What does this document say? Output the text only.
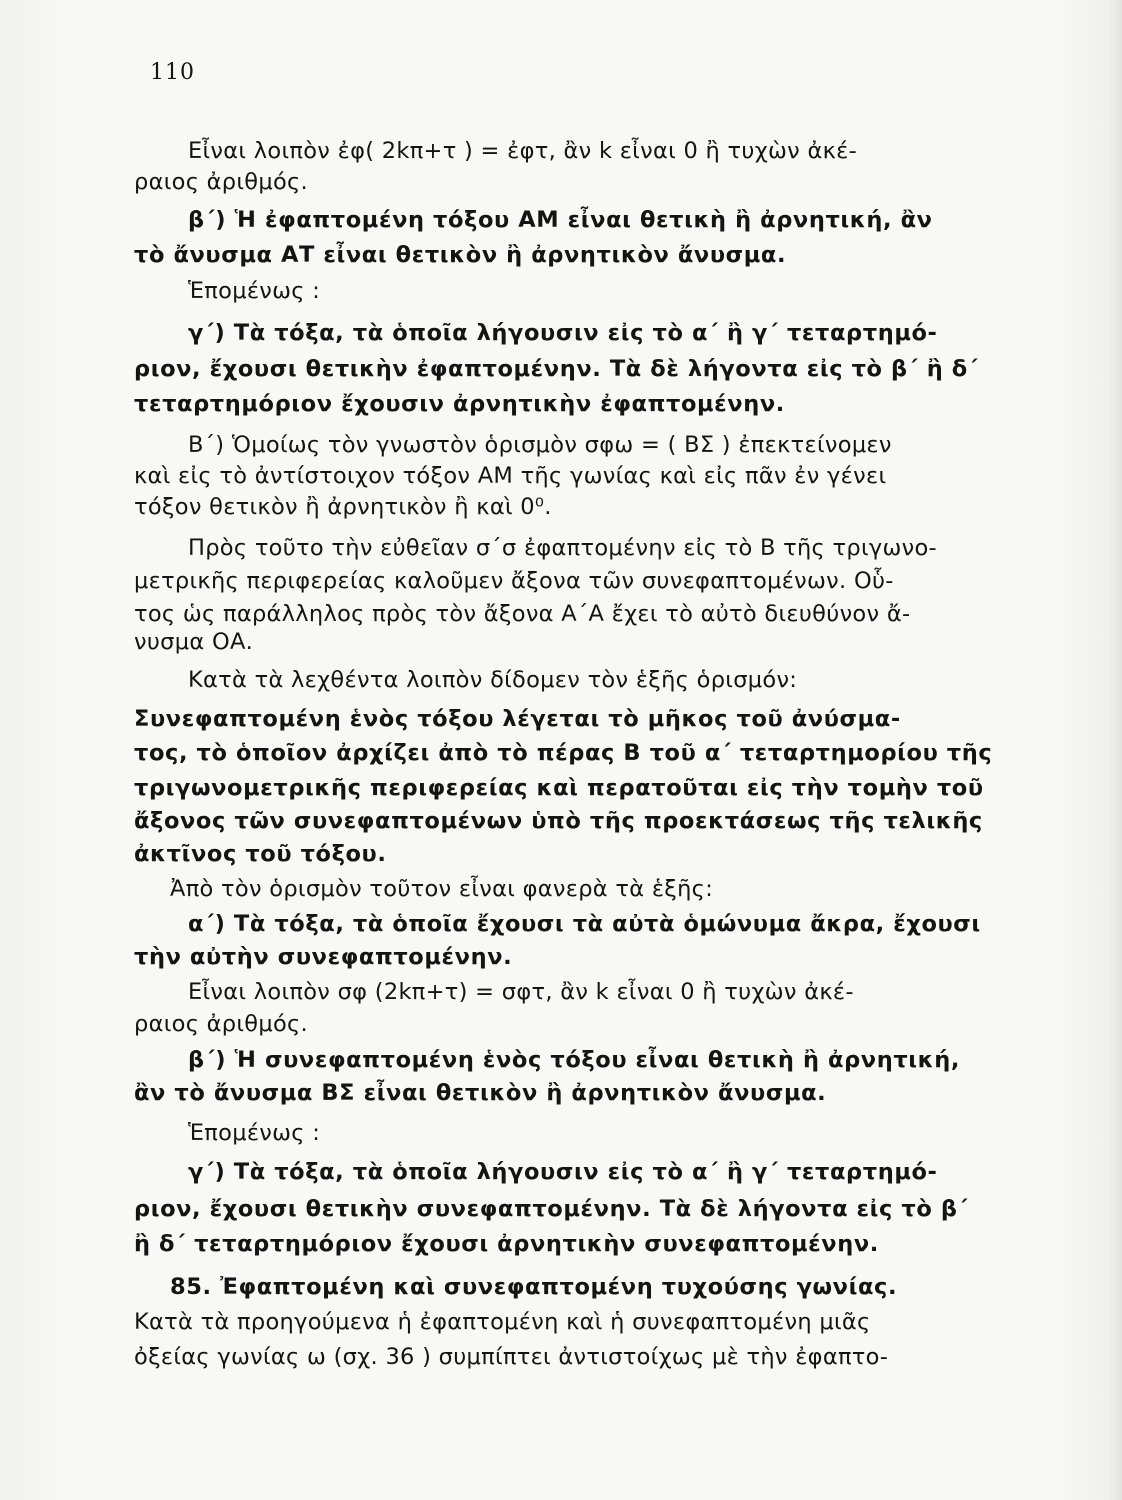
110
Εἶναι λοιπὸν ἐφ( 2kπ+τ ) = ἐφτ, ἂν k εἶναι 0 ἢ τυχὼν ἀκέ-
ραιος ἀριθμός.
β΄) Ἡ ἐφαπτομένη τόξου ΑΜ εἶναι θετικὴ ἢ ἀρνητική, ἂν
τὸ ἄνυσμα ΑΤ εἶναι θετικὸν ἢ ἀρνητικὸν ἄνυσμα.
Ἑπομένως :
γ΄) Τὰ τόξα, τὰ ὁποῖα λήγουσιν εἰς τὸ α΄ ἢ γ΄ τεταρτημό-
ριον, ἔχουσι θετικὴν ἐφαπτομένην. Τὰ δὲ λήγοντα εἰς τὸ β΄ ἢ δ΄
τεταρτημόριον ἔχουσιν ἀρνητικὴν ἐφαπτομένην.
Β΄) Ὁμοίως τὸν γνωστὸν ὁρισμὸν σφω = ( ΒΣ ) ἐπεκτείνομεν
καὶ εἰς τὸ ἀντίστοιχον τόξον ΑΜ τῆς γωνίας καὶ εἰς πᾶν ἐν γένει
τόξον θετικὸν ἢ ἀρνητικὸν ἢ καὶ 0⁰.
Πρὸς τοῦτο τὴν εὐθεῖαν σ΄σ ἐφαπτομένην εἰς τὸ Β τῆς τριγωνο-
μετρικῆς περιφερείας καλοῦμεν ἄξονα τῶν συνεφαπτομένων. Οὗ-
τος ὡς παράλληλος πρὸς τὸν ἄξονα Α΄Α ἔχει τὸ αὐτὸ διευθύνον ἄ-
νυσμα ΟΑ.
Κατὰ τὰ λεχθέντα λοιπὸν δίδομεν τὸν ἑξῆς ὁρισμόν:
Συνεφαπτομένη ἑνὸς τόξου λέγεται τὸ μῆκος τοῦ ἀνύσμα-
τος, τὸ ὁποῖον ἀρχίζει ἀπὸ τὸ πέρας Β τοῦ α΄ τεταρτημορίου τῆς
τριγωνομετρικῆς περιφερείας καὶ περατοῦται εἰς τὴν τομὴν τοῦ
ἄξονος τῶν συνεφαπτομένων ὑπὸ τῆς προεκτάσεως τῆς τελικῆς
ἀκτῖνος τοῦ τόξου.
Ἀπὸ τὸν ὁρισμὸν τοῦτον εἶναι φανερὰ τὰ ἑξῆς:
α΄) Τὰ τόξα, τὰ ὁποῖα ἔχουσι τὰ αὐτὰ ὁμώνυμα ἄκρα, ἔχουσι
τὴν αὐτὴν συνεφαπτομένην.
Εἶναι λοιπὸν σφ (2kπ+τ) = σφτ, ἂν k εἶναι 0 ἢ τυχὼν ἀκέ-
ραιος ἀριθμός.
β΄) Ἡ συνεφαπτομένη ἑνὸς τόξου εἶναι θετικὴ ἢ ἀρνητική,
ἂν τὸ ἄνυσμα ΒΣ εἶναι θετικὸν ἢ ἀρνητικὸν ἄνυσμα.
Ἑπομένως :
γ΄) Τὰ τόξα, τὰ ὁποῖα λήγουσιν εἰς τὸ α΄ ἢ γ΄ τεταρτημό-
ριον, ἔχουσι θετικὴν συνεφαπτομένην. Τὰ δὲ λήγοντα εἰς τὸ β΄
ἢ δ΄ τεταρτημόριον ἔχουσι ἀρνητικὴν συνεφαπτομένην.
85. Ἐφαπτομένη καὶ συνεφαπτομένη τυχούσης γωνίας.
Κατὰ τὰ προηγούμενα ἡ ἐφαπτομένη καὶ ἡ συνεφαπτομένη μιᾶς
ὀξείας γωνίας ω (σχ. 36 ) συμπίπτει ἀντιστοίχως μὲ τὴν ἐφαπτο-
